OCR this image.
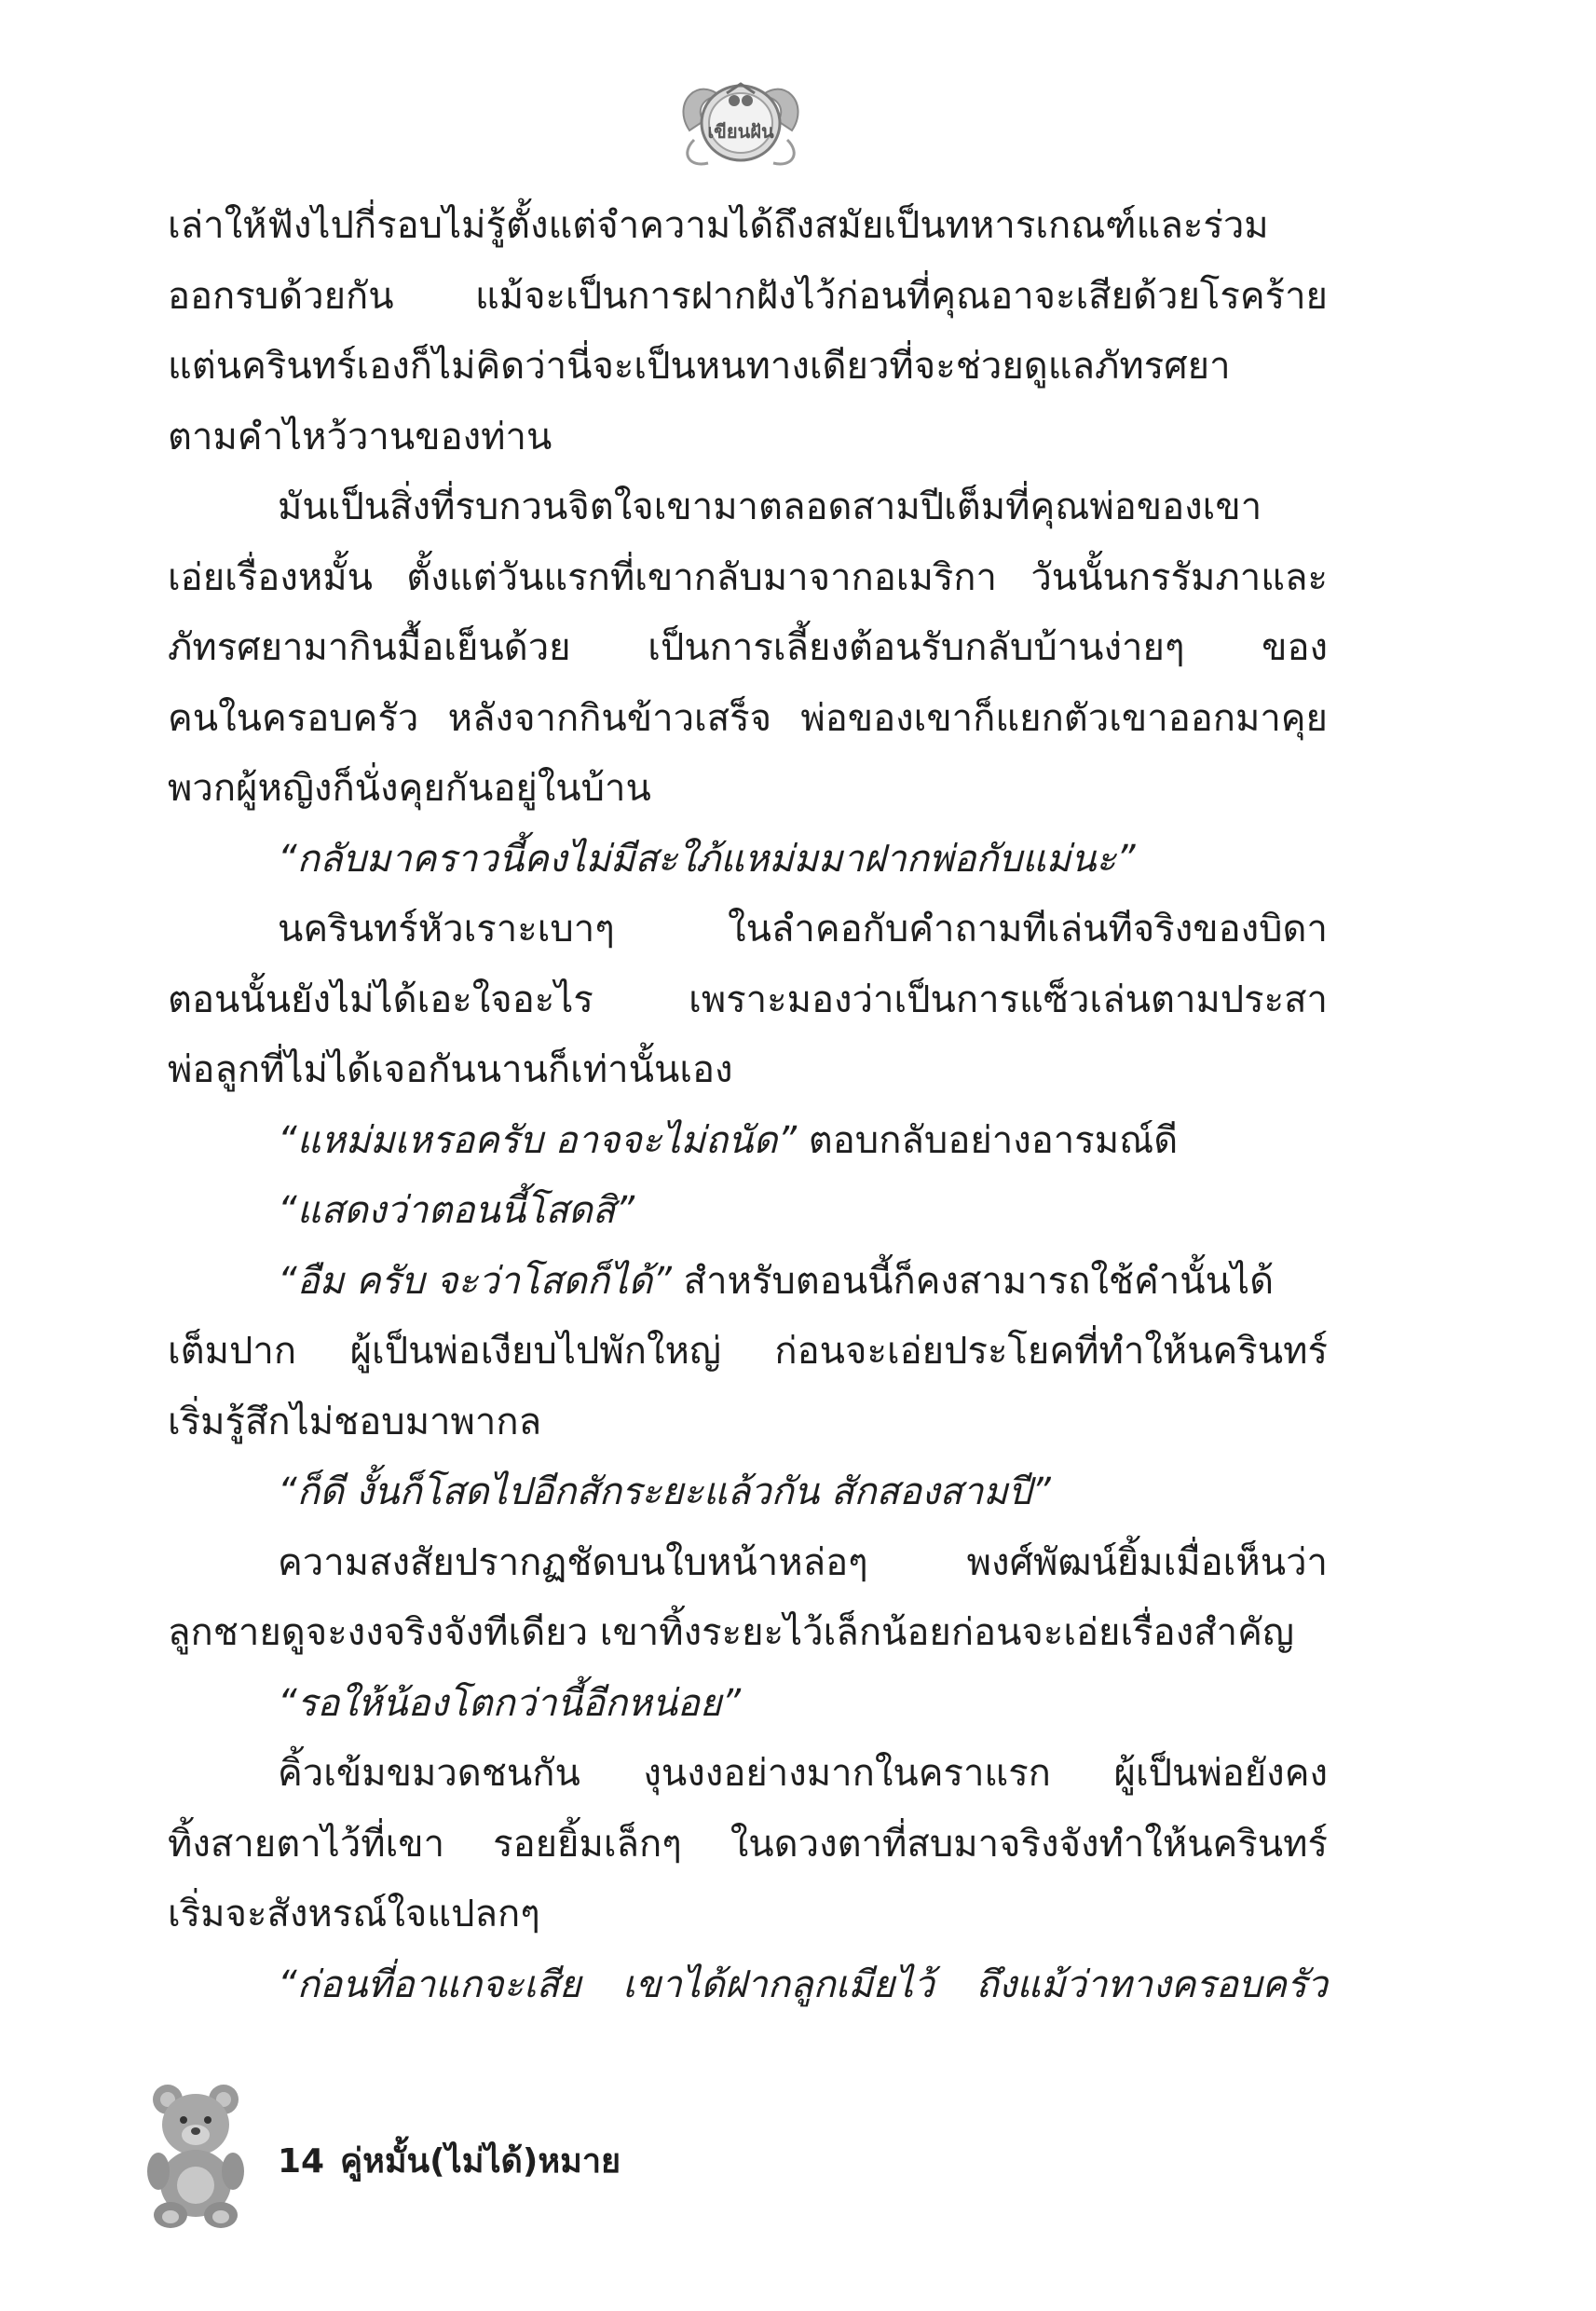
เขียนฝัน
เล่าให้ฟังไปกี่รอบไม่รู้ตั้งแต่จำความได้ถึงสมัยเป็นทหารเกณฑ์และร่วม
ออกรบด้วยกัน แม้จะเป็นการฝากฝังไว้ก่อนที่คุณอาจะเสียด้วยโรคร้าย
แต่นครินทร์เองก็ไม่คิดว่านี่จะเป็นหนทางเดียวที่จะช่วยดูแลภัทรศยา
ตามคำไหว้วานของท่าน
มันเป็นสิ่งที่รบกวนจิตใจเขามาตลอดสามปีเต็มที่คุณพ่อของเขา
เอ่ยเรื่องหมั้น ตั้งแต่วันแรกที่เขากลับมาจากอเมริกา วันนั้นกรรัมภาและ
ภัทรศยามากินมื้อเย็นด้วย เป็นการเลี้ยงต้อนรับกลับบ้านง่ายๆ ของ
คนในครอบครัว หลังจากกินข้าวเสร็จ พ่อของเขาก็แยกตัวเขาออกมาคุย
พวกผู้หญิงก็นั่งคุยกันอยู่ในบ้าน
“กลับมาคราวนี้คงไม่มีสะใภ้แหม่มมาฝากพ่อกับแม่นะ”
นครินทร์หัวเราะเบาๆ ในลำคอกับคำถามทีเล่นทีจริงของบิดา
ตอนนั้นยังไม่ได้เอะใจอะไร เพราะมองว่าเป็นการแซ็วเล่นตามประสา
พ่อลูกที่ไม่ได้เจอกันนานก็เท่านั้นเอง
“แหม่มเหรอครับ อาจจะไม่ถนัด” ตอบกลับอย่างอารมณ์ดี
“แสดงว่าตอนนี้โสดสิ”
“อืม ครับ จะว่าโสดก็ได้” สำหรับตอนนี้ก็คงสามารถใช้คำนั้นได้
เต็มปาก ผู้เป็นพ่อเงียบไปพักใหญ่ ก่อนจะเอ่ยประโยคที่ทำให้นครินทร์
เริ่มรู้สึกไม่ชอบมาพากล
“ก็ดี งั้นก็โสดไปอีกสักระยะแล้วกัน สักสองสามปี”
ความสงสัยปรากฏชัดบนใบหน้าหล่อๆ พงศ์พัฒน์ยิ้มเมื่อเห็นว่า
ลูกชายดูจะงงจริงจังทีเดียว เขาทิ้งระยะไว้เล็กน้อยก่อนจะเอ่ยเรื่องสำคัญ
“รอให้น้องโตกว่านี้อีกหน่อย”
คิ้วเข้มขมวดชนกัน งุนงงอย่างมากในคราแรก ผู้เป็นพ่อยังคง
ทิ้งสายตาไว้ที่เขา รอยยิ้มเล็กๆ ในดวงตาที่สบมาจริงจังทำให้นครินทร์
เริ่มจะสังหรณ์ใจแปลกๆ
“ก่อนที่อาแกจะเสีย เขาได้ฝากลูกเมียไว้ ถึงแม้ว่าทางครอบครัว
14 คู่หมั้น(ไม่ได้)หมาย
